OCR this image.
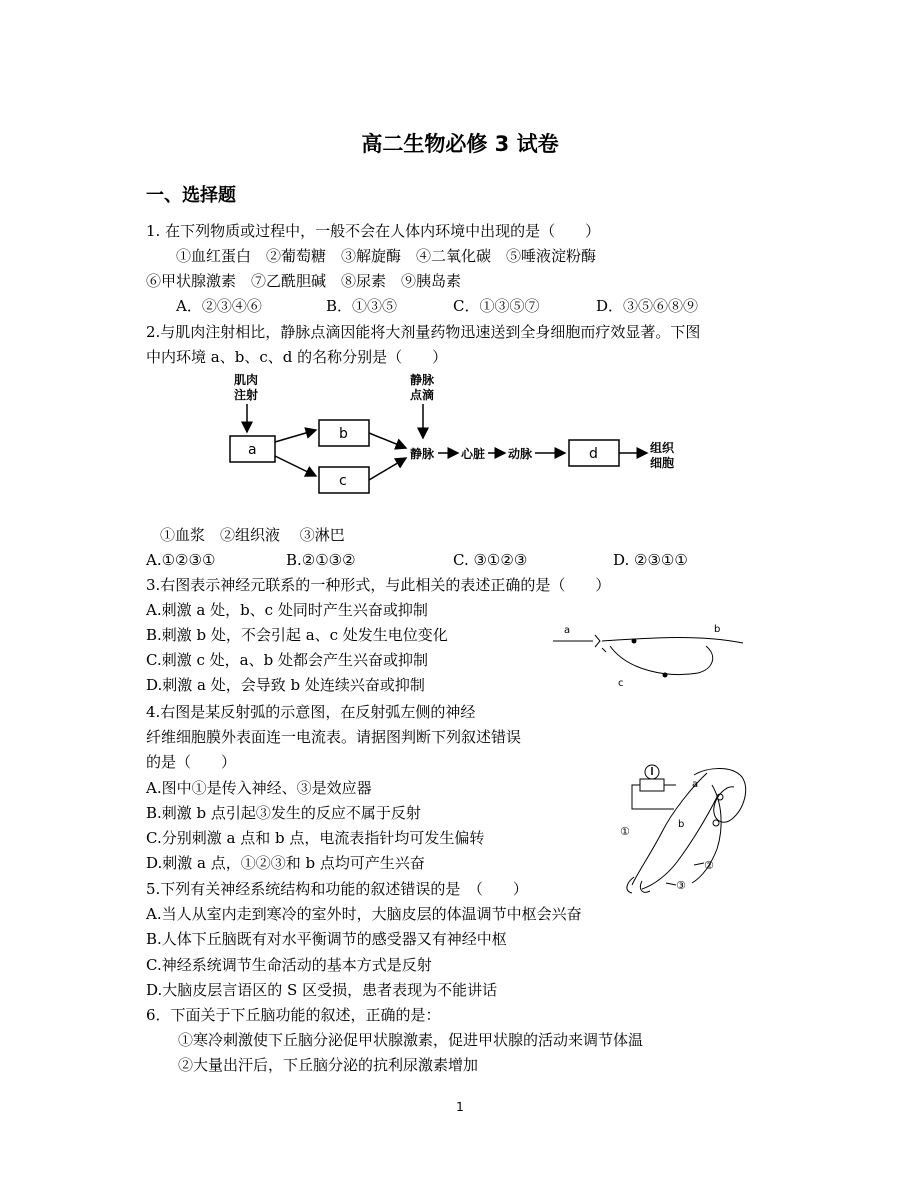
高二生物必修 3 试卷
一、选择题
1. 在下列物质或过程中，一般不会在人体内环境中出现的是（　　）
①血红蛋白　②葡萄糖　③解旋酶　④二氧化碳　⑤唾液淀粉酶
⑥甲状腺激素　⑦乙酰胆碱　⑧尿素　⑨胰岛素
A．②③④⑥	B．①③⑤	C．①③⑤⑦	D．③⑤⑥⑧⑨
2.与肌肉注射相比，静脉点滴因能将大剂量药物迅速送到全身细胞而疗效显著。下图
中内环境 a、b、c、d 的名称分别是（　　）
肌肉
注射
a
b
c
静脉
点滴
静脉 心脏 动脉	d	组织
细胞
①血浆　②组织液　 ③淋巴
A.①②③①	B.②①③②	C. ③①②③	D. ②③①①
3.右图表示神经元联系的一种形式，与此相关的表述正确的是（　　）
A.刺激 a 处，b、c 处同时产生兴奋或抑制
B.刺激 b 处，不会引起 a、c 处发生电位变化
C.刺激 c 处，a、b 处都会产生兴奋或抑制
D.刺激 a 处，会导致 b 处连续兴奋或抑制
a	b
c
4.右图是某反射弧的示意图，在反射弧左侧的神经
纤维细胞膜外表面连一电流表。请据图判断下列叙述错误
的是（　　）
A.图中①是传入神经、③是效应器
B.刺激 b 点引起③发生的反应不属于反射
C.分别刺激 a 点和 b 点，电流表指针均可发生偏转
D.刺激 a 点，①②③和 b 点均可产生兴奋
a
b
①
②
③
5.下列有关神经系统结构和功能的叙述错误的是　（　　）
A.当人从室内走到寒冷的室外时，大脑皮层的体温调节中枢会兴奋
B.人体下丘脑既有对水平衡调节的感受器又有神经中枢
C.神经系统调节生命活动的基本方式是反射
D.大脑皮层言语区的 S 区受损，患者表现为不能讲话
6．下面关于下丘脑功能的叙述，正确的是：
①寒冷刺激使下丘脑分泌促甲状腺激素，促进甲状腺的活动来调节体温
②大量出汗后，下丘脑分泌的抗利尿激素增加
1
